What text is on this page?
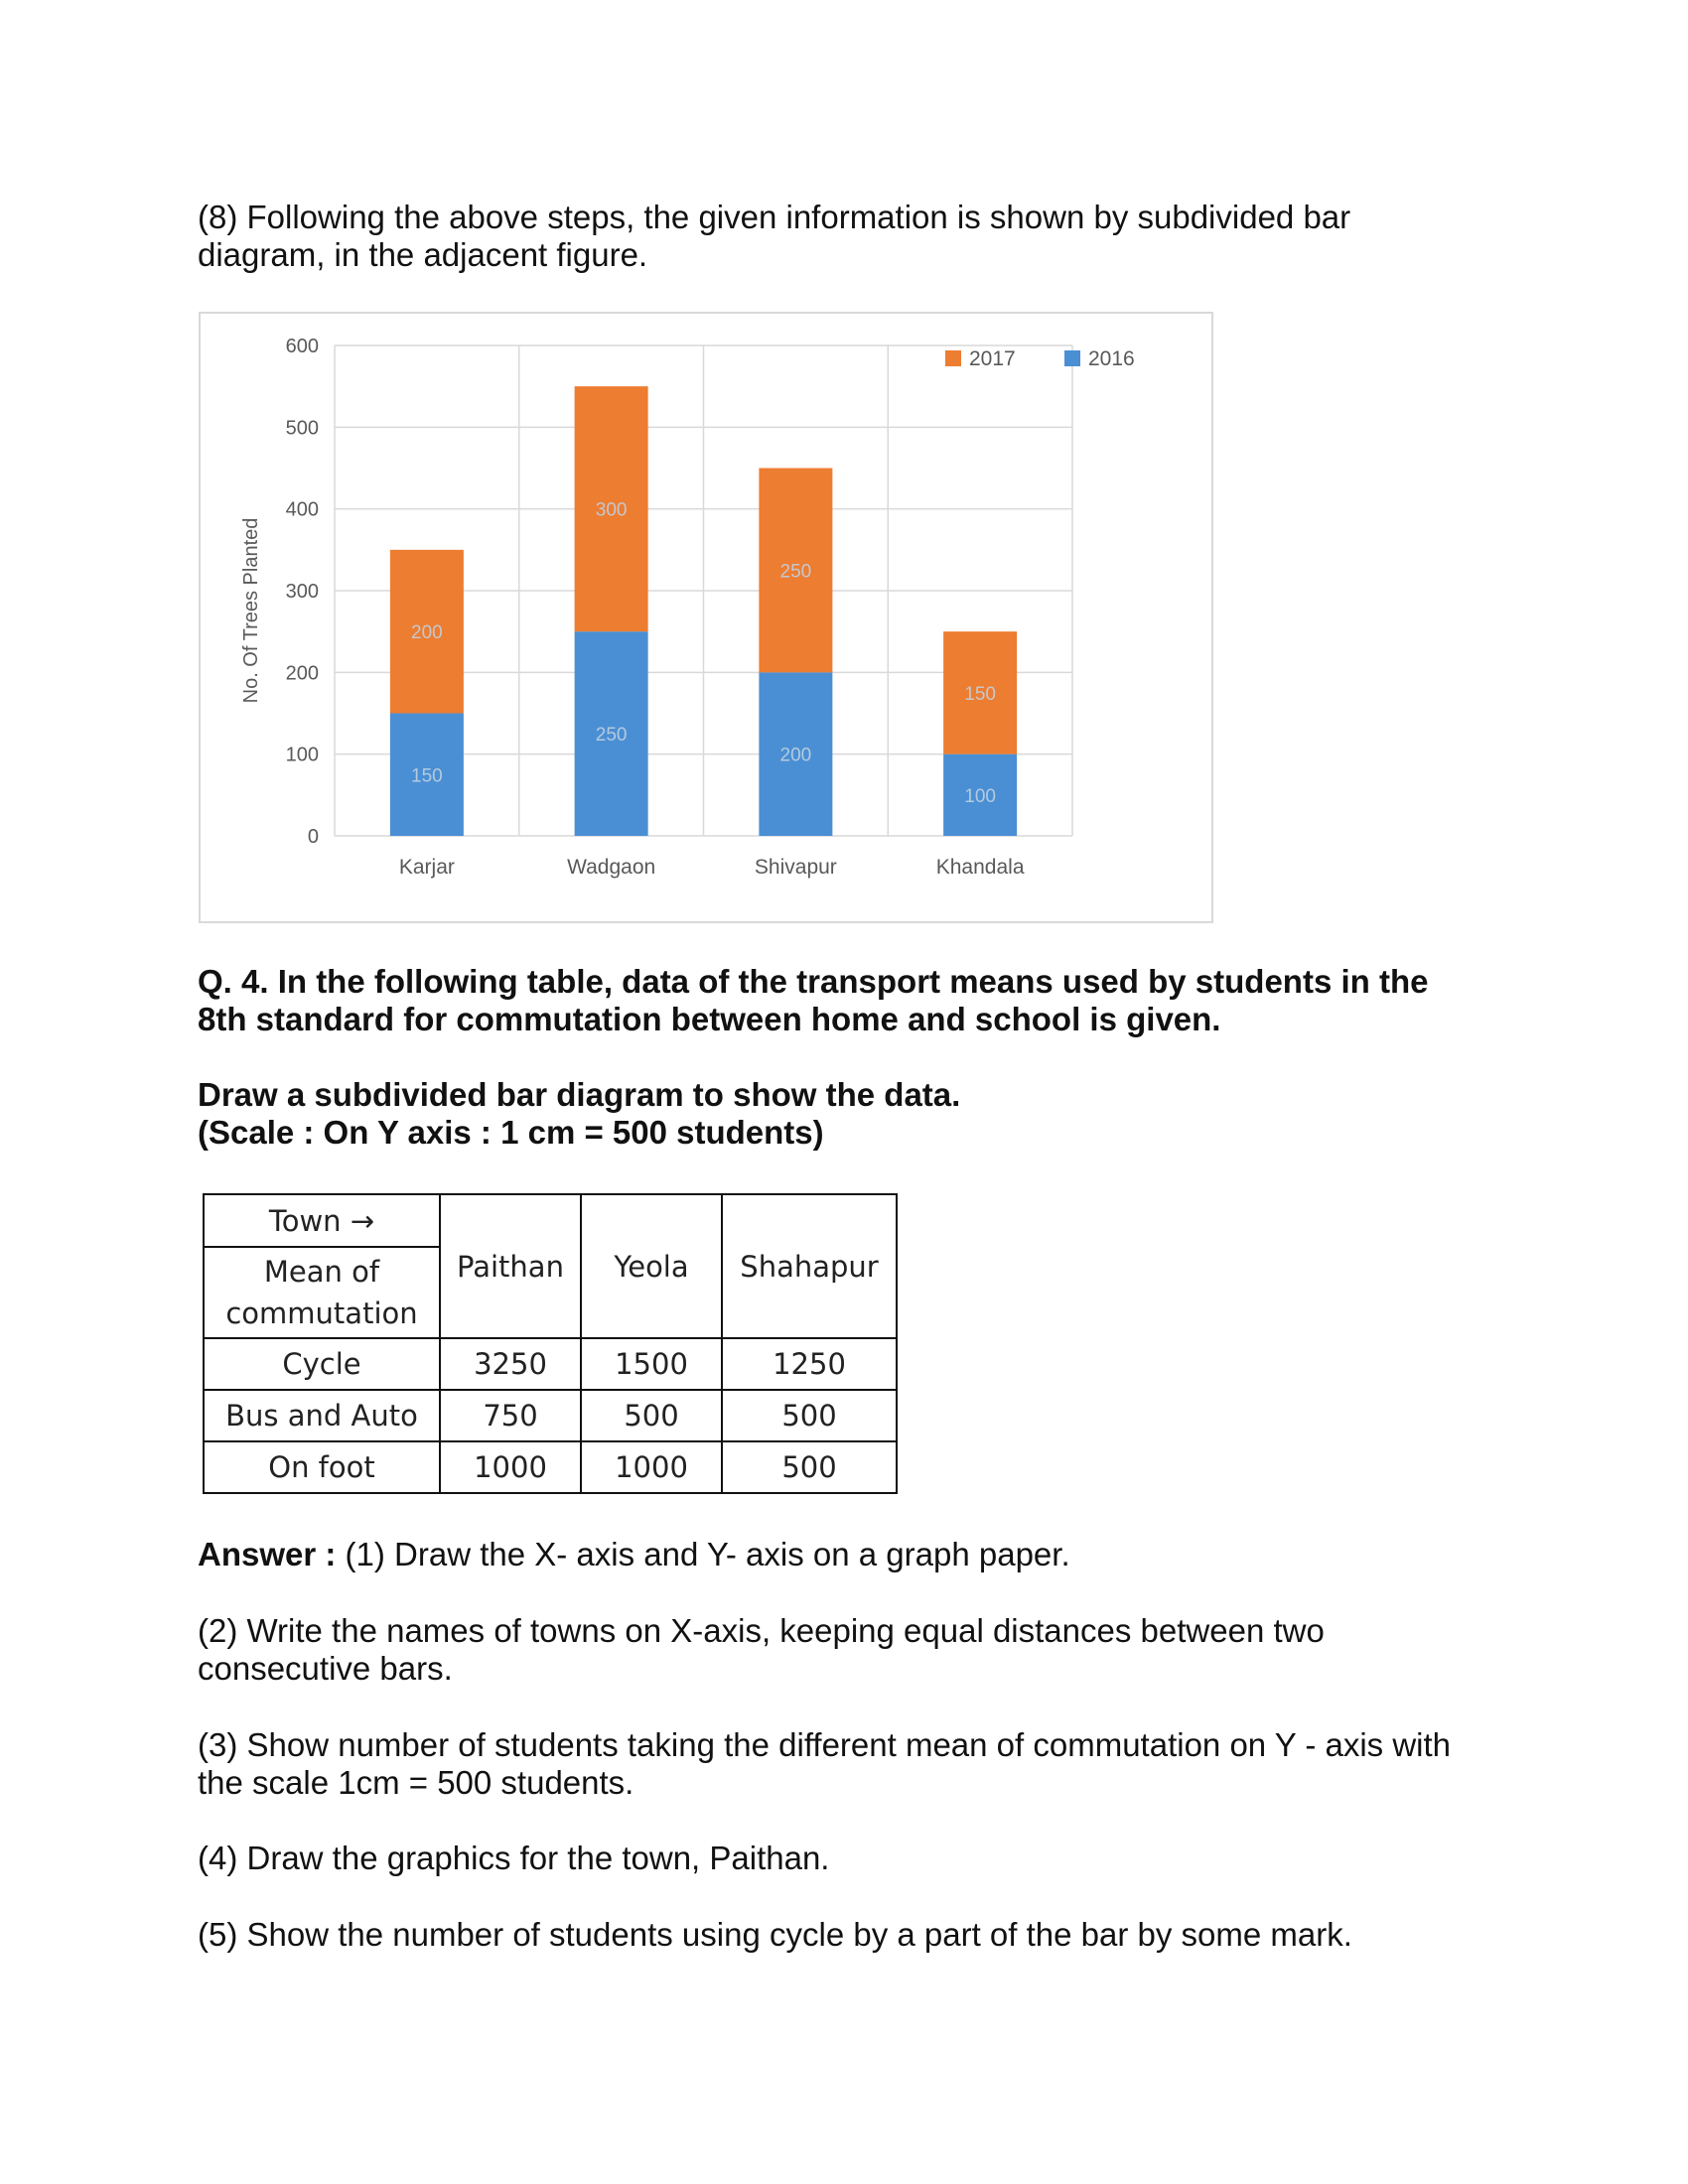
(8) Following the above steps, the given information is shown by subdivided bar
diagram, in the adjacent figure.

0
100
200
300
400
500
600
150
200
Karjar
250
300
Wadgaon
200
250
Shivapur
100
150
Khandala
No. Of Trees Planted
2017	2016

Q. 4. In the following table, data of the transport means used by students in the
8th standard for commutation between home and school is given.

Draw a subdivided bar diagram to show the data.
(Scale : On Y axis : 1 cm = 500 students)

Town →	Paithan	Yeola	Shahapur
Mean of
commutation			
Cycle	3250	1500	1250
Bus and Auto	750	500	500
On foot	1000	1000	500

Answer : (1) Draw the X- axis and Y- axis on a graph paper.

(2) Write the names of towns on X-axis, keeping equal distances between two
consecutive bars.

(3) Show number of students taking the different mean of commutation on Y - axis with
the scale 1cm = 500 students.

(4) Draw the graphics for the town, Paithan.

(5) Show the number of students using cycle by a part of the bar by some mark.
